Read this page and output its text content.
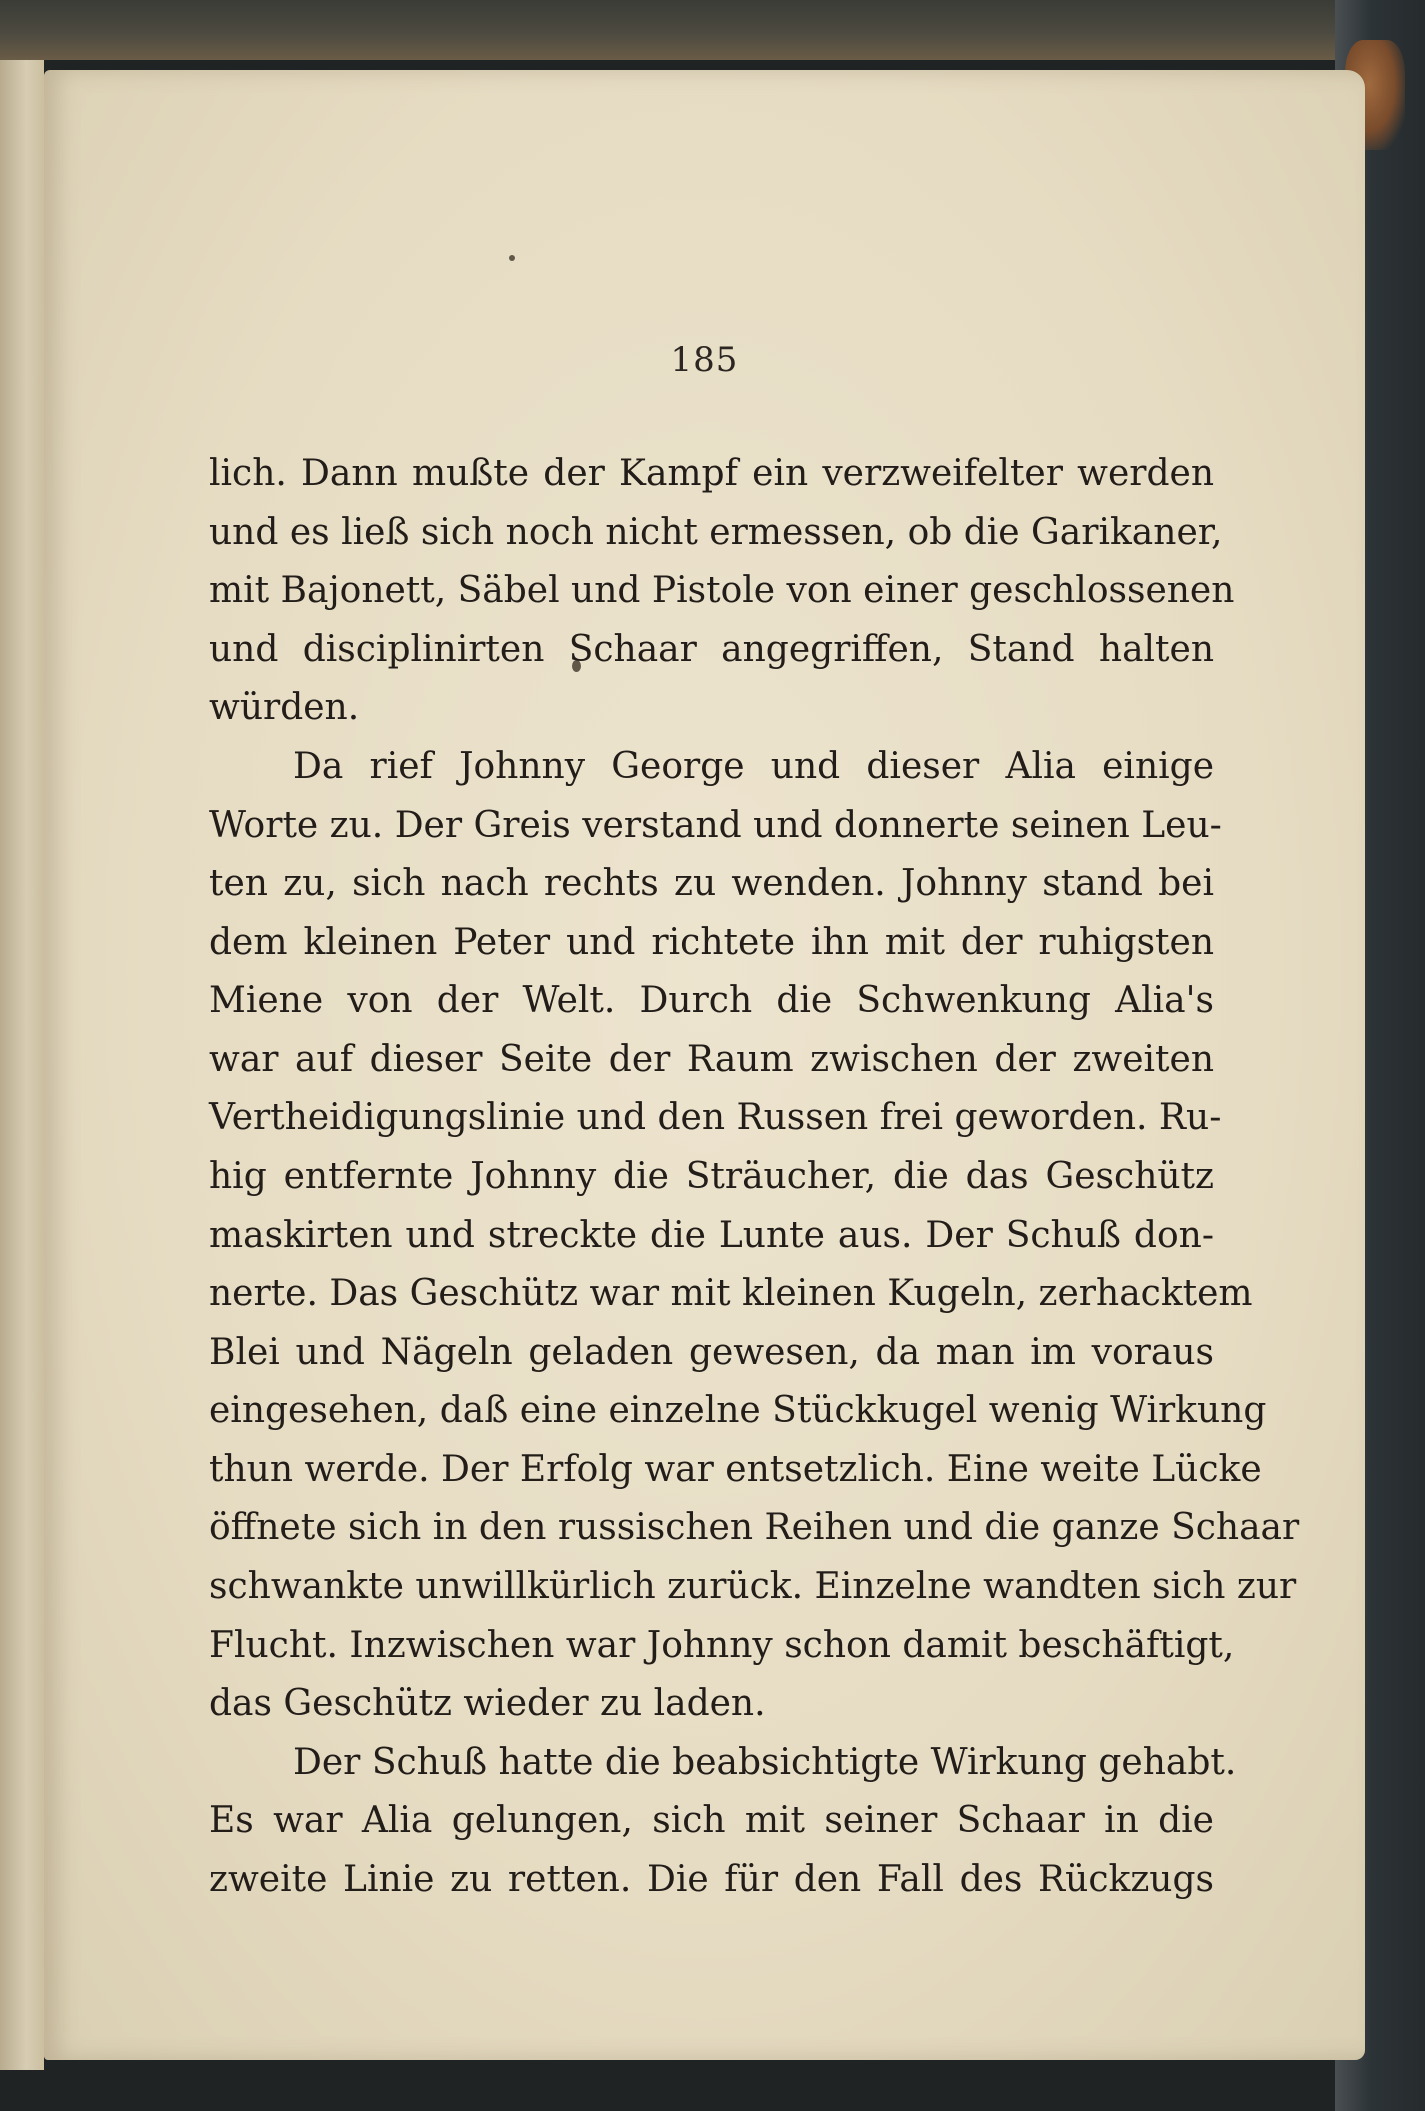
185
lich. Dann mußte der Kampf ein verzweifelter werden
und es ließ sich noch nicht ermessen, ob die Garikaner,
mit Bajonett, Säbel und Pistole von einer geschlossenen
und disciplinirten Schaar angegriffen, Stand halten
würden.
Da rief Johnny George und dieser Alia einige
Worte zu. Der Greis verstand und donnerte seinen Leu-
ten zu, sich nach rechts zu wenden. Johnny stand bei
dem kleinen Peter und richtete ihn mit der ruhigsten
Miene von der Welt. Durch die Schwenkung Alia's
war auf dieser Seite der Raum zwischen der zweiten
Vertheidigungslinie und den Russen frei geworden. Ru-
hig entfernte Johnny die Sträucher, die das Geschütz
maskirten und streckte die Lunte aus. Der Schuß don-
nerte. Das Geschütz war mit kleinen Kugeln, zerhacktem
Blei und Nägeln geladen gewesen, da man im voraus
eingesehen, daß eine einzelne Stückkugel wenig Wirkung
thun werde. Der Erfolg war entsetzlich. Eine weite Lücke
öffnete sich in den russischen Reihen und die ganze Schaar
schwankte unwillkürlich zurück. Einzelne wandten sich zur
Flucht. Inzwischen war Johnny schon damit beschäftigt,
das Geschütz wieder zu laden.
Der Schuß hatte die beabsichtigte Wirkung gehabt.
Es war Alia gelungen, sich mit seiner Schaar in die
zweite Linie zu retten. Die für den Fall des Rückzugs
